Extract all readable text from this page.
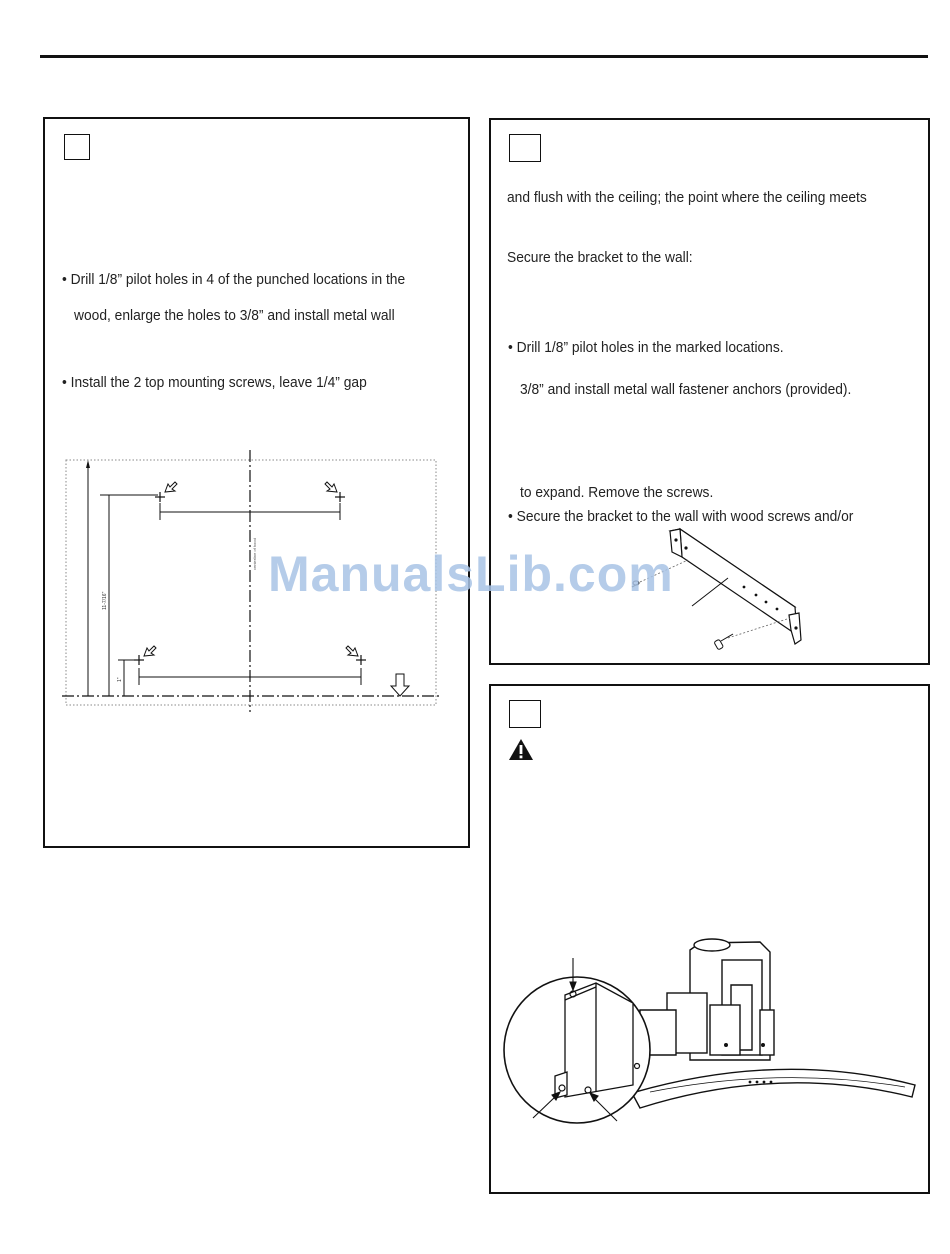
• Drill 1/8” pilot holes in 4 of the punched locations in the
wood, enlarge the holes to 3/8” and install metal wall
• Install the 2 top mounting screws, leave 1/4” gap
11-7/16"
1"
centerline of hood
and flush with the ceiling; the point where the ceiling meets
Secure the bracket to the wall:
• Drill 1/8” pilot holes in the marked locations.
3/8” and install metal wall fastener anchors (provided).
to expand. Remove the screws.
• Secure the bracket to the wall with wood screws and/or
ManualsLib.com
